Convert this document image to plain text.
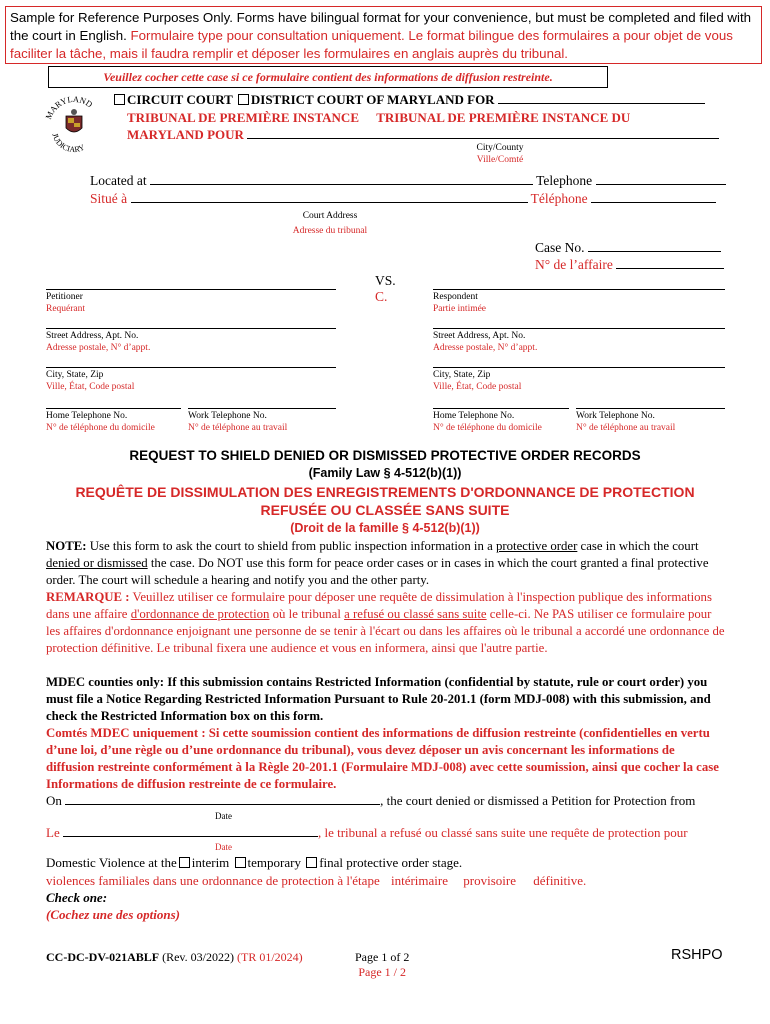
Sample for Reference Purposes Only. Forms have bilingual format for your convenience, but must be completed and filed with the court in English. Formulaire type pour consultation uniquement. Le format bilingue des formulaires a pour objet de vous faciliter la tâche, mais il faudra remplir et déposer les formulaires en anglais auprès du tribunal.
Veuillez cocher cette case si ce formulaire contient des informations de diffusion restreinte.
MARYLAND
JUDICIARY
CIRCUIT COURT DISTRICT COURT OF MARYLAND FOR
TRIBUNAL DE PREMIÈRE INSTANCE TRIBUNAL DE PREMIÈRE INSTANCE DU
MARYLAND POUR
City/County
Ville/Comté
Located at	Telephone
Situé à	Téléphone
Court Address
Adresse du tribunal
Case No.
N° de l’affaire
Petitioner
Requérant
Street Address, Apt. No.
Adresse postale, N° d’appt.
City, State, Zip
Ville, État, Code postal
Home Telephone No.
N° de téléphone du domicile
Work Telephone No.
N° de téléphone au travail
VS.
C.	Respondent
Partie intimée
Street Address, Apt. No.
Adresse postale, N° d’appt.
City, State, Zip
Ville, État, Code postal
Home Telephone No.
N° de téléphone du domicile
Work Telephone No.
N° de téléphone au travail
REQUEST TO SHIELD DENIED OR DISMISSED PROTECTIVE ORDER RECORDS
(Family Law § 4-512(b)(1))
REQUÊTE DE DISSIMULATION DES ENREGISTREMENTS D'ORDONNANCE DE PROTECTION
REFUSÉE OU CLASSÉE SANS SUITE
(Droit de la famille § 4-512(b)(1))
NOTE: Use this form to ask the court to shield from public inspection information in a protective order case in which the court denied or dismissed the case. Do NOT use this form for peace order cases or in cases in which the court granted a final protective order. The court will schedule a hearing and notify you and the other party.
REMARQUE : Veuillez utiliser ce formulaire pour déposer une requête de dissimulation à l'inspection publique des informations dans une affaire d'ordonnance de protection où le tribunal a refusé ou classé sans suite celle-ci. Ne PAS utiliser ce formulaire pour les affaires d'ordonnance enjoignant une personne de se tenir à l'écart ou dans les affaires où le tribunal a accordé une ordonnance de protection définitive. Le tribunal fixera une audience et vous en informera, ainsi que l'autre partie.
MDEC counties only: If this submission contains Restricted Information (confidential by statute, rule or court order) you must file a Notice Regarding Restricted Information Pursuant to Rule 20-201.1 (form MDJ-008) with this submission, and check the Restricted Information box on this form.
Comtés MDEC uniquement : Si cette soumission contient des informations de diffusion restreinte (confidentielles en vertu d’une loi, d’une règle ou d’une ordonnance du tribunal), vous devez déposer un avis concernant les informations de diffusion restreinte conformément à la Règle 20-201.1 (Formulaire MDJ-008) avec cette soumission, ainsi que cocher la case Informations de diffusion restreinte de ce formulaire.
On	, the court denied or dismissed a Petition for Protection from
Date
Le	, le tribunal a refusé ou classé sans suite une requête de protection pour
Date
Domestic Violence at the interim temporary final protective order stage.
violences familiales dans une ordonnance de protection à l'étape intérimaire provisoire définitive.
Check one:
(Cochez une des options)
CC-DC-DV-021ABLF (Rev. 03/2022) (TR 01/2024)	Page 1 of 2
Page 1 / 2
RSHPO
